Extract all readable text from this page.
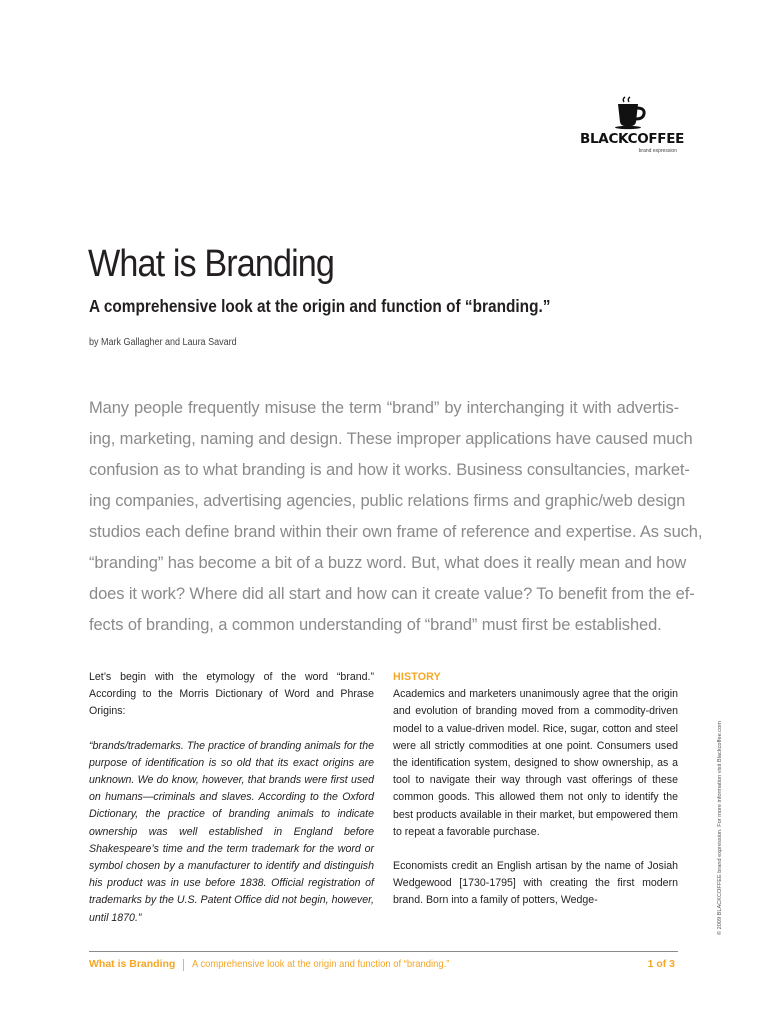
BLACKCOFFEE
brand expression
What is Branding
A comprehensive look at the origin and function of “branding.”
by Mark Gallagher and Laura Savard

Many people frequently misuse the term “brand” by interchanging it with advertis-
ing, marketing, naming and design. These improper applications have caused much
confusion as to what branding is and how it works. Business consultancies, market-
ing companies, advertising agencies, public relations firms and graphic/web design
studios each define brand within their own frame of reference and expertise. As such,
“branding” has become a bit of a buzz word. But, what does it really mean and how
does it work? Where did all start and how can it create value? To benefit from the ef-
fects of branding, a common understanding of “brand” must first be established.

Let’s begin with the etymology of the word “brand.” According to the Morris Dictionary of Word and Phrase Origins:

“brands/trademarks. The practice of branding animals for the purpose of identification is so old that its exact origins are unknown. We do know, however, that brands were first used on humans—criminals and slaves. According to the Oxford Dictionary, the practice of branding animals to indicate ownership was well established in England before Shakespeare’s time and the term trademark for the word or symbol chosen by a manufacturer to identify and distinguish his product was in use before 1838. Official registration of trademarks by the U.S. Patent Office did not begin, however, until 1870.”

HISTORY

Academics and marketers unanimously agree that the origin and evolution of branding moved from a commodity-driven model to a value-driven model. Rice, sugar, cotton and steel were all strictly commodities at one point. Consumers used the identification system, designed to show ownership, as a tool to navigate their way through vast offerings of these common goods. This allowed them not only to identify the best products available in their market, but empowered them to repeat a favorable purchase.

Economists credit an English artisan by the name of Josiah Wedgewood [1730-1795] with creating the first modern brand. Born into a family of potters, Wedge-

What is Branding A comprehensive look at the origin and function of “branding.”	1 of 3
© 2009 BLACKCOFFEE brand expression. For more information visit Blackcoffee.com
